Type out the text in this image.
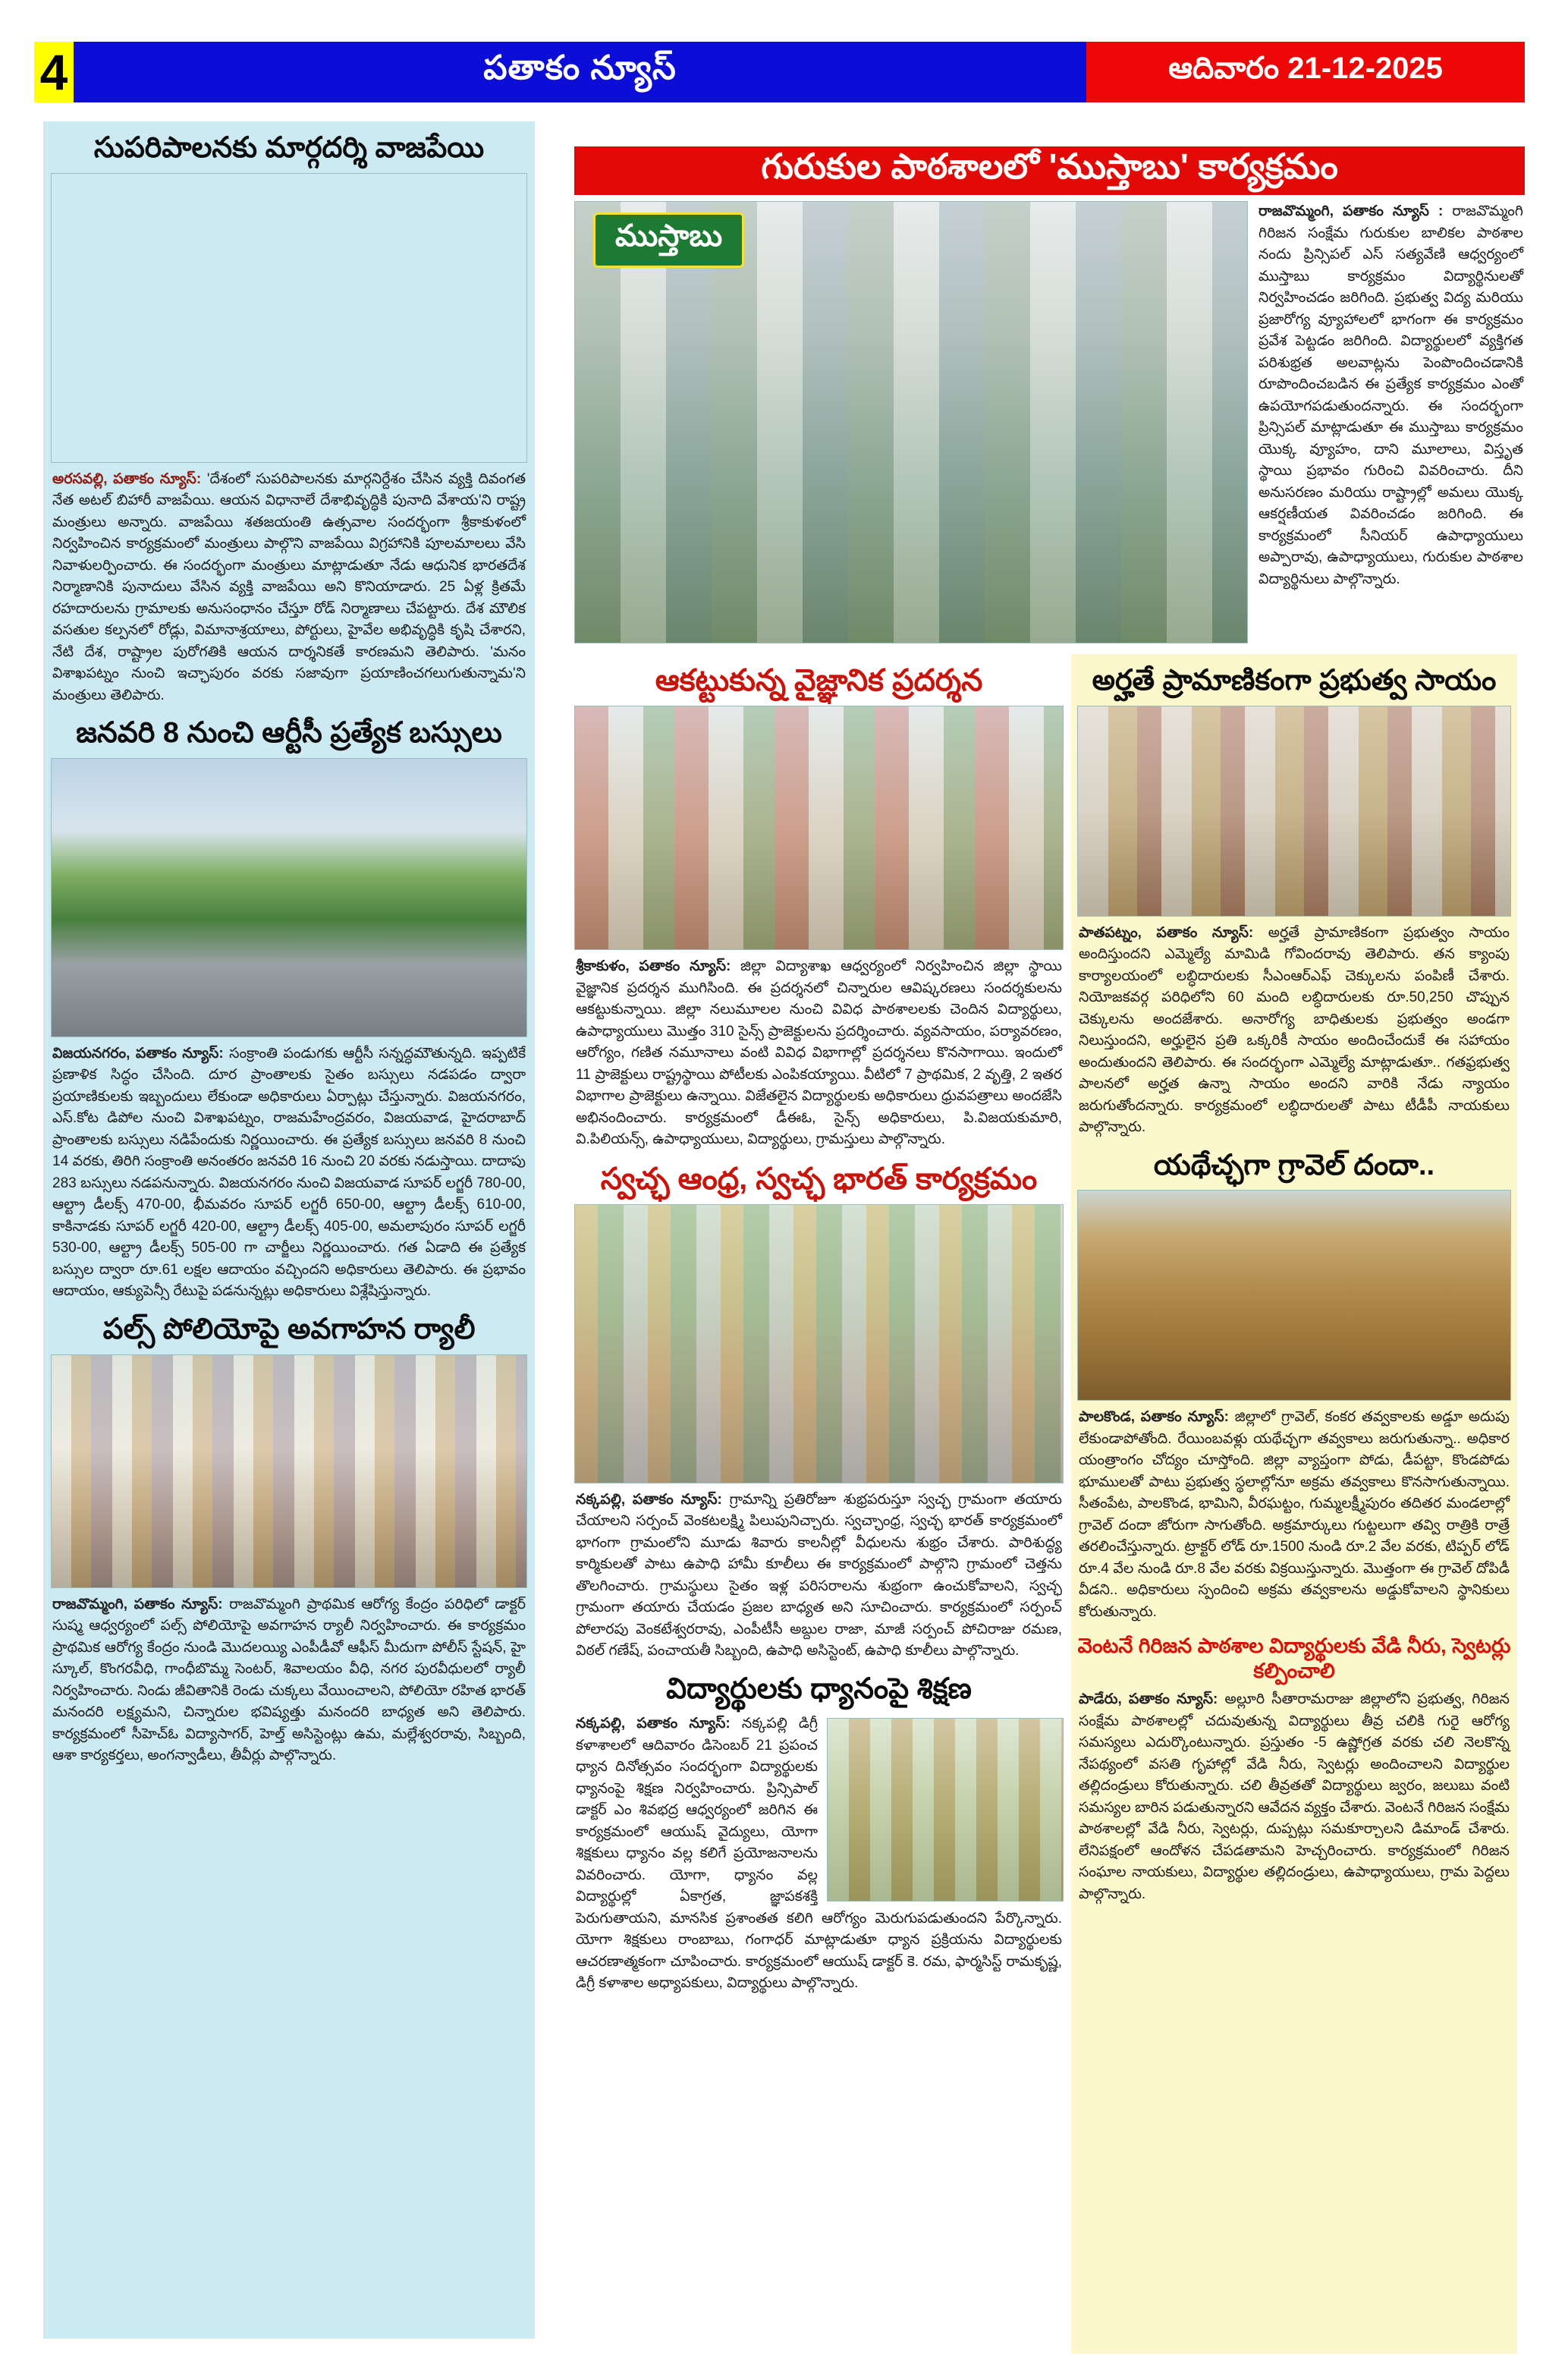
4	పతాకం న్యూస్	ఆదివారం 21-12-2025
సుపరిపాలనకు మార్గదర్శి వాజపేయి

అరసవల్లి, పతాకం న్యూస్: 'దేశంలో సుపరిపాలనకు మార్గనిర్దేశం చేసిన వ్యక్తి దివంగత నేత అటల్ బిహారీ వాజపేయి. ఆయన విధానాలే దేశాభివృద్ధికి పునాది వేశాయ'ని రాష్ట్ర మంత్రులు అన్నారు. వాజపేయి శతజయంతి ఉత్సవాల సందర్భంగా శ్రీకాకుళంలో నిర్వహించిన కార్యక్రమంలో మంత్రులు పాల్గొని వాజపేయి విగ్రహానికి పూలమాలలు వేసి నివాళులర్పించారు. ఈ సందర్భంగా మంత్రులు మాట్లాడుతూ నేడు ఆధునిక భారతదేశ నిర్మాణానికి పునాదులు వేసిన వ్యక్తి వాజపేయి అని కొనియాడారు. 25 ఏళ్ల క్రితమే రహదారులను గ్రామాలకు అనుసంధానం చేస్తూ రోడ్ నిర్మాణాలు చేపట్టారు. దేశ మౌలిక వసతుల కల్పనలో రోడ్లు, విమానాశ్రయాలు, పోర్టులు, హైవేల అభివృద్ధికి కృషి చేశారని, నేటి దేశ, రాష్ట్రాల పురోగతికి ఆయన దార్శనికతే కారణమని తెలిపారు. 'మనం విశాఖపట్నం నుంచి ఇచ్ఛాపురం వరకు సజావుగా ప్రయాణించగలుగుతున్నామ'ని మంత్రులు తెలిపారు.

జనవరి 8 నుంచి ఆర్టీసీ ప్రత్యేక బస్సులు

విజయనగరం, పతాకం న్యూస్: సంక్రాంతి పండుగకు ఆర్టీసీ సన్నద్ధమౌతున్నది. ఇప్పటికే ప్రణాళిక సిద్ధం చేసింది. దూర ప్రాంతాలకు సైతం బస్సులు నడపడం ద్వారా ప్రయాణికులకు ఇబ్బందులు లేకుండా అధికారులు ఏర్పాట్లు చేస్తున్నారు. విజయనగరం, ఎస్.కోట డిపోల నుంచి విశాఖపట్నం, రాజమహేంద్రవరం, విజయవాడ, హైదరాబాద్ ప్రాంతాలకు బస్సులు నడిపేందుకు నిర్ణయించారు. ఈ ప్రత్యేక బస్సులు జనవరి 8 నుంచి 14 వరకు, తిరిగి సంక్రాంతి అనంతరం జనవరి 16 నుంచి 20 వరకు నడుస్తాయి. దాదాపు 283 బస్సులు నడపనున్నారు. విజయనగరం నుంచి విజయవాడ సూపర్ లగ్జరీ 780-00, ఆల్ట్రా డీలక్స్ 470-00, భీమవరం సూపర్ లగ్జరీ 650-00, ఆల్ట్రా డీలక్స్ 610-00, కాకినాడకు సూపర్ లగ్జరీ 420-00, ఆల్ట్రా డీలక్స్ 405-00, అమలాపురం సూపర్ లగ్జరీ 530-00, ఆల్ట్రా డీలక్స్ 505-00 గా చార్జీలు నిర్ణయించారు. గత ఏడాది ఈ ప్రత్యేక బస్సుల ద్వారా రూ.61 లక్షల ఆదాయం వచ్చిందని అధికారులు తెలిపారు. ఈ ప్రభావం ఆదాయం, ఆక్యుపెన్సీ రేటుపై పడనున్నట్లు అధికారులు విశ్లేషిస్తున్నారు.

పల్స్ పోలియోపై అవగాహన ర్యాలీ

రాజవొమ్మంగి, పతాకం న్యూస్: రాజవొమ్మంగి ప్రాథమిక ఆరోగ్య కేంద్రం పరిధిలో డాక్టర్ సుష్మ ఆధ్వర్యంలో పల్స్ పోలియోపై అవగాహన ర్యాలీ నిర్వహించారు. ఈ కార్యక్రమం ప్రాథమిక ఆరోగ్య కేంద్రం నుండి మొదలయ్యి ఎంపీడీవో ఆఫీస్ మీదుగా పోలీస్ స్టేషన్, హై స్కూల్, కొంగరవీధి, గాంధీబొమ్మ సెంటర్, శివాలయం వీధి, నగర పురవీధులలో ర్యాలీ నిర్వహించారు. నిండు జీవితానికి రెండు చుక్కలు వేయించాలని, పోలియో రహిత భారత్ మనందరి లక్ష్యమని, చిన్నారుల భవిష్యత్తు మనందరి బాధ్యత అని తెలిపారు. కార్యక్రమంలో సీహెచ్ఓ విద్యాసాగర్, హెల్త్ అసిస్టెంట్లు ఉమ, మల్లేశ్వరరావు, సిబ్బంది, ఆశా కార్యకర్తలు, అంగన్వాడీలు, తీవీర్లు పాల్గొన్నారు.

గురుకుల పాఠశాలలో 'ముస్తాబు' కార్యక్రమం
ముస్తాబు

రాజవొమ్మంగి, పతాకం న్యూస్ : రాజవొమ్మంగి గిరిజన సంక్షేమ గురుకుల బాలికల పాఠశాల నందు ప్రిన్సిపల్ ఎస్ సత్యవేణి ఆధ్వర్యంలో ముస్తాబు కార్యక్రమం విద్యార్థినులతో నిర్వహించడం జరిగింది. ప్రభుత్వ విద్య మరియు ప్రజారోగ్య వ్యూహాలలో భాగంగా ఈ కార్యక్రమం ప్రవేశ పెట్టడం జరిగింది. విద్యార్థులలో వ్యక్తిగత పరిశుభ్రత అలవాట్లను పెంపొందించడానికి రూపొందించబడిన ఈ ప్రత్యేక కార్యక్రమం ఎంతో ఉపయోగపడుతుందన్నారు. ఈ సందర్భంగా ప్రిన్సిపల్ మాట్లాడుతూ ఈ ముస్తాబు కార్యక్రమం యొక్క వ్యూహం, దాని మూలాలు, విస్తృత స్థాయి ప్రభావం గురించి వివరించారు. దీని అనుసరణం మరియు రాష్ట్రాల్లో అమలు యొక్క ఆకర్షణీయత వివరించడం జరిగింది. ఈ కార్యక్రమంలో సీనియర్ ఉపాధ్యాయులు అప్పారావు, ఉపాధ్యాయులు, గురుకుల పాఠశాల విద్యార్థినులు పాల్గొన్నారు.

ఆకట్టుకున్న వైజ్ఞానిక ప్రదర్శన

శ్రీకాకుళం, పతాకం న్యూస్: జిల్లా విద్యాశాఖ ఆధ్వర్యంలో నిర్వహించిన జిల్లా స్థాయి వైజ్ఞానిక ప్రదర్శన ముగిసింది. ఈ ప్రదర్శనలో చిన్నారుల ఆవిష్కరణలు సందర్శకులను ఆకట్టుకున్నాయి. జిల్లా నలుమూలల నుంచి వివిధ పాఠశాలలకు చెందిన విద్యార్థులు, ఉపాధ్యాయులు మొత్తం 310 సైన్స్ ప్రాజెక్టులను ప్రదర్శించారు. వ్యవసాయం, పర్యావరణం, ఆరోగ్యం, గణిత నమూనాలు వంటి వివిధ విభాగాల్లో ప్రదర్శనలు కొనసాగాయి. ఇందులో 11 ప్రాజెక్టులు రాష్ట్రస్థాయి పోటీలకు ఎంపికయ్యాయి. వీటిలో 7 ప్రాథమిక, 2 వృత్తి, 2 ఇతర విభాగాల ప్రాజెక్టులు ఉన్నాయి. విజేతలైన విద్యార్థులకు అధికారులు ధ్రువపత్రాలు అందజేసి అభినందించారు. కార్యక్రమంలో డీఈఓ, సైన్స్ అధికారులు, పి.విజయకుమారి, వి.పిలియన్స్, ఉపాధ్యాయులు, విద్యార్థులు, గ్రామస్తులు పాల్గొన్నారు.

స్వచ్ఛ ఆంధ్ర, స్వచ్ఛ భారత్ కార్యక్రమం

నక్కపల్లి, పతాకం న్యూస్: గ్రామాన్ని ప్రతిరోజూ శుభ్రపరుస్తూ స్వచ్ఛ గ్రామంగా తయారు చేయాలని సర్పంచ్ వెంకటలక్ష్మి పిలుపునిచ్చారు. స్వచ్ఛాంధ్ర, స్వచ్ఛ భారత్ కార్యక్రమంలో భాగంగా గ్రామంలోని మూడు శివారు కాలనీల్లో వీధులను శుభ్రం చేశారు. పారిశుద్ధ్య కార్మికులతో పాటు ఉపాధి హామీ కూలీలు ఈ కార్యక్రమంలో పాల్గొని గ్రామంలో చెత్తను తొలగించారు. గ్రామస్థులు సైతం ఇళ్ల పరిసరాలను శుభ్రంగా ఉంచుకోవాలని, స్వచ్ఛ గ్రామంగా తయారు చేయడం ప్రజల బాధ్యత అని సూచించారు. కార్యక్రమంలో సర్పంచ్ పోలారపు వెంకటేశ్వరరావు, ఎంపీటీసీ అబ్దుల రాజా, మాజీ సర్పంచ్ పోచిరాజు రమణ, విఠల్ గణేష్, పంచాయతీ సిబ్బంది, ఉపాధి అసిస్టెంట్, ఉపాధి కూలీలు పాల్గొన్నారు.

విద్యార్థులకు ధ్యానంపై శిక్షణ

నక్కపల్లి, పతాకం న్యూస్: నక్కపల్లి డిగ్రీ కళాశాలలో ఆదివారం డిసెంబర్ 21 ప్రపంచ ధ్యాన దినోత్సవం సందర్భంగా విద్యార్థులకు ధ్యానంపై శిక్షణ నిర్వహించారు. ప్రిన్సిపాల్ డాక్టర్ ఎం శివభద్ర ఆధ్వర్యంలో జరిగిన ఈ కార్యక్రమంలో ఆయుష్ వైద్యులు, యోగా శిక్షకులు ధ్యానం వల్ల కలిగే ప్రయోజనాలను వివరించారు. యోగా, ధ్యానం వల్ల విద్యార్థుల్లో ఏకాగ్రత, జ్ఞాపకశక్తి పెరుగుతాయని, మానసిక ప్రశాంతత కలిగి ఆరోగ్యం మెరుగుపడుతుందని పేర్కొన్నారు. యోగా శిక్షకులు రాంబాబు, గంగాధర్ మాట్లాడుతూ ధ్యాన ప్రక్రియను విద్యార్థులకు ఆచరణాత్మకంగా చూపించారు. కార్యక్రమంలో ఆయుష్ డాక్టర్ కె. రమ, ఫార్మసిస్ట్ రామకృష్ణ, డిగ్రీ కళాశాల అధ్యాపకులు, విద్యార్థులు పాల్గొన్నారు.

అర్హతే ప్రామాణికంగా ప్రభుత్వ సాయం

పాతపట్నం, పతాకం న్యూస్: అర్హతే ప్రామాణికంగా ప్రభుత్వం సాయం అందిస్తుందని ఎమ్మెల్యే మామిడి గోవిందరావు తెలిపారు. తన క్యాంపు కార్యాలయంలో లబ్ధిదారులకు సీఎంఆర్ఎఫ్ చెక్కులను పంపిణీ చేశారు. నియోజకవర్గ పరిధిలోని 60 మంది లబ్ధిదారులకు రూ.50,250 చొప్పున చెక్కులను అందజేశారు. అనారోగ్య బాధితులకు ప్రభుత్వం అండగా నిలుస్తుందని, అర్హులైన ప్రతి ఒక్కరికీ సాయం అందించేందుకే ఈ సహాయం అందుతుందని తెలిపారు. ఈ సందర్భంగా ఎమ్మెల్యే మాట్లాడుతూ.. గతఫ్రభుత్వ పాలనలో అర్హత ఉన్నా సాయం అందని వారికి నేడు న్యాయం జరుగుతోందన్నారు. కార్యక్రమంలో లబ్ధిదారులతో పాటు టీడీపీ నాయకులు పాల్గొన్నారు.

యథేచ్ఛగా గ్రావెల్ దందా..

పాలకొండ, పతాకం న్యూస్: జిల్లాలో గ్రావెల్, కంకర తవ్వకాలకు అడ్డూ అదుపు లేకుండాపోతోంది. రేయింబవళ్లు యథేచ్ఛగా తవ్వకాలు జరుగుతున్నా.. అధికార యంత్రాంగం చోద్యం చూస్తోంది. జిల్లా వ్యాప్తంగా పోడు, డీపట్టా, కొండపోడు భూములతో పాటు ప్రభుత్వ స్థలాల్లోనూ అక్రమ తవ్వకాలు కొనసాగుతున్నాయి. సీతంపేట, పాలకొండ, భామిని, వీరఘట్టం, గుమ్మలక్ష్మీపురం తదితర మండలాల్లో గ్రావెల్ దందా జోరుగా సాగుతోంది. అక్రమార్కులు గుట్టలుగా తవ్వి రాత్రికి రాత్రే తరలించేస్తున్నారు. ట్రాక్టర్ లోడ్ రూ.1500 నుండి రూ.2 వేల వరకు, టిప్పర్ లోడ్ రూ.4 వేల నుండి రూ.8 వేల వరకు విక్రయిస్తున్నారు. మొత్తంగా ఈ గ్రావెల్ దోపిడీ వీడని.. అధికారులు స్పందించి అక్రమ తవ్వకాలను అడ్డుకోవాలని స్థానికులు కోరుతున్నారు.

వెంటనే గిరిజన పాఠశాల విద్యార్థులకు వేడి నీరు, స్వెటర్లు కల్పించాలి

పాడేరు, పతాకం న్యూస్: అల్లూరి సీతారామరాజు జిల్లాలోని ప్రభుత్వ, గిరిజన సంక్షేమ పాఠశాలల్లో చదువుతున్న విద్యార్థులు తీవ్ర చలికి గురై ఆరోగ్య సమస్యలు ఎదుర్కొంటున్నారు. ప్రస్తుతం -5 ఉష్ణోగ్రత వరకు చలి నెలకొన్న నేపథ్యంలో వసతి గృహాల్లో వేడి నీరు, స్వెటర్లు అందించాలని విద్యార్థుల తల్లిదండ్రులు కోరుతున్నారు. చలి తీవ్రతతో విద్యార్థులు జ్వరం, జలుబు వంటి సమస్యల బారిన పడుతున్నారని ఆవేదన వ్యక్తం చేశారు. వెంటనే గిరిజన సంక్షేమ పాఠశాలల్లో వేడి నీరు, స్వెటర్లు, దుప్పట్లు సమకూర్చాలని డిమాండ్ చేశారు. లేనిపక్షంలో ఆందోళన చేపడతామని హెచ్చరించారు. కార్యక్రమంలో గిరిజన సంఘాల నాయకులు, విద్యార్థుల తల్లిదండ్రులు, ఉపాధ్యాయులు, గ్రామ పెద్దలు పాల్గొన్నారు.
